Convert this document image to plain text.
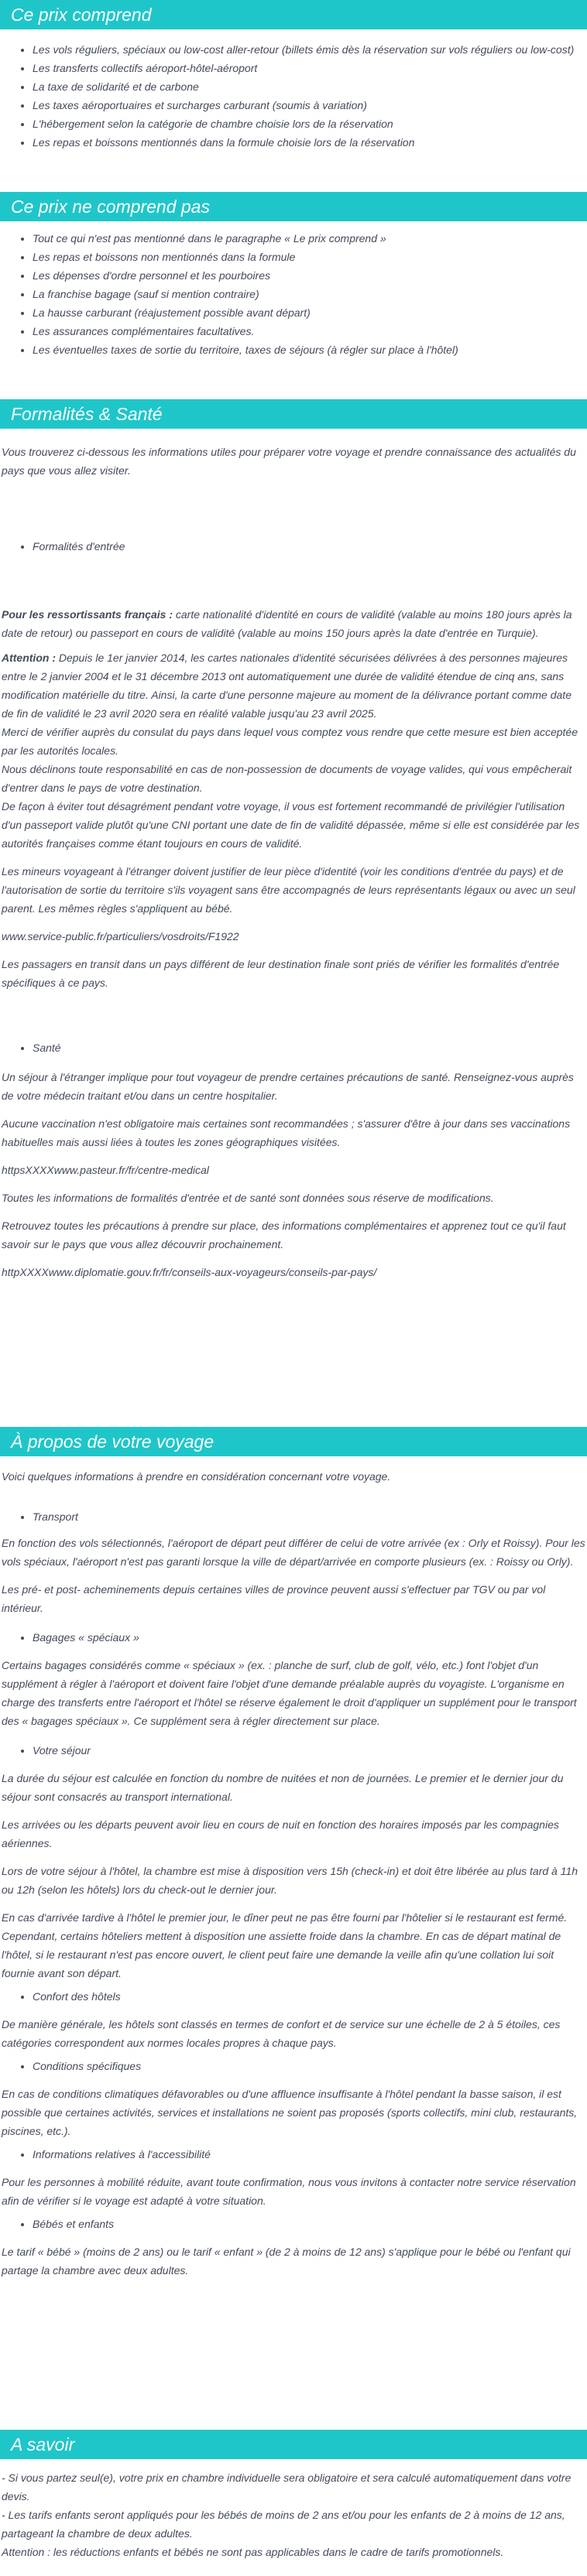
Ce prix comprend
• Les vols réguliers, spéciaux ou low-cost aller-retour (billets émis dès la réservation sur vols réguliers ou low-cost)
• Les transferts collectifs aéroport-hôtel-aéroport
• La taxe de solidarité et de carbone
• Les taxes aéroportuaires et surcharges carburant (soumis à variation)
• L'hébergement selon la catégorie de chambre choisie lors de la réservation
• Les repas et boissons mentionnés dans la formule choisie lors de la réservation
Ce prix ne comprend pas
• Tout ce qui n'est pas mentionné dans le paragraphe « Le prix comprend »
• Les repas et boissons non mentionnés dans la formule
• Les dépenses d'ordre personnel et les pourboires
• La franchise bagage (sauf si mention contraire)
• La hausse carburant (réajustement possible avant départ)
• Les assurances complémentaires facultatives.
• Les éventuelles taxes de sortie du territoire, taxes de séjours (à régler sur place à l'hôtel)
Formalités & Santé

Vous trouverez ci-dessous les informations utiles pour préparer votre voyage et prendre connaissance des actualités du pays que vous allez visiter.

• Formalités d'entrée

Pour les ressortissants français : carte nationalité d'identité en cours de validité (valable au moins 180 jours après la date de retour) ou passeport en cours de validité (valable au moins 150 jours après la date d'entrée en Turquie).

Attention : Depuis le 1er janvier 2014, les cartes nationales d'identité sécurisées délivrées à des personnes majeures entre le 2 janvier 2004 et le 31 décembre 2013 ont automatiquement une durée de validité étendue de cinq ans, sans modification matérielle du titre. Ainsi, la carte d'une personne majeure au moment de la délivrance portant comme date de fin de validité le 23 avril 2020 sera en réalité valable jusqu'au 23 avril 2025.

Merci de vérifier auprès du consulat du pays dans lequel vous comptez vous rendre que cette mesure est bien acceptée par les autorités locales.

Nous déclinons toute responsabilité en cas de non-possession de documents de voyage valides, qui vous empêcherait d'entrer dans le pays de votre destination.

De façon à éviter tout désagrément pendant votre voyage, il vous est fortement recommandé de privilégier l'utilisation d'un passeport valide plutôt qu'une CNI portant une date de fin de validité dépassée, même si elle est considérée par les autorités françaises comme étant toujours en cours de validité.

Les mineurs voyageant à l'étranger doivent justifier de leur pièce d'identité (voir les conditions d'entrée du pays) et de l'autorisation de sortie du territoire s'ils voyagent sans être accompagnés de leurs représentants légaux ou avec un seul parent. Les mêmes règles s'appliquent au bébé.

www.service-public.fr/particuliers/vosdroits/F1922

Les passagers en transit dans un pays différent de leur destination finale sont priés de vérifier les formalités d'entrée spécifiques à ce pays.

• Santé

Un séjour à l'étranger implique pour tout voyageur de prendre certaines précautions de santé. Renseignez-vous auprès de votre médecin traitant et/ou dans un centre hospitalier.

Aucune vaccination n'est obligatoire mais certaines sont recommandées ; s'assurer d'être à jour dans ses vaccinations habituelles mais aussi liées à toutes les zones géographiques visitées.

httpsXXXXwww.pasteur.fr/fr/centre-medical

Toutes les informations de formalités d'entrée et de santé sont données sous réserve de modifications.

Retrouvez toutes les précautions à prendre sur place, des informations complémentaires et apprenez tout ce qu'il faut savoir sur le pays que vous allez découvrir prochainement.

httpXXXXwww.diplomatie.gouv.fr/fr/conseils-aux-voyageurs/conseils-par-pays/

À propos de votre voyage

Voici quelques informations à prendre en considération concernant votre voyage.

• Transport

En fonction des vols sélectionnés, l'aéroport de départ peut différer de celui de votre arrivée (ex : Orly et Roissy). Pour les vols spéciaux, l'aéroport n'est pas garanti lorsque la ville de départ/arrivée en comporte plusieurs (ex. : Roissy ou Orly).

Les pré- et post- acheminements depuis certaines villes de province peuvent aussi s'effectuer par TGV ou par vol intérieur.

• Bagages « spéciaux »

Certains bagages considérés comme « spéciaux » (ex. : planche de surf, club de golf, vélo, etc.) font l'objet d'un supplément à régler à l'aéroport et doivent faire l'objet d'une demande préalable auprès du voyagiste. L'organisme en charge des transferts entre l'aéroport et l'hôtel se réserve également le droit d'appliquer un supplément pour le transport des « bagages spéciaux ». Ce supplément sera à régler directement sur place.

• Votre séjour

La durée du séjour est calculée en fonction du nombre de nuitées et non de journées. Le premier et le dernier jour du séjour sont consacrés au transport international.

Les arrivées ou les départs peuvent avoir lieu en cours de nuit en fonction des horaires imposés par les compagnies aériennes.

Lors de votre séjour à l'hôtel, la chambre est mise à disposition vers 15h (check-in) et doit être libérée au plus tard à 11h ou 12h (selon les hôtels) lors du check-out le dernier jour.

En cas d'arrivée tardive à l'hôtel le premier jour, le dîner peut ne pas être fourni par l'hôtelier si le restaurant est fermé. Cependant, certains hôteliers mettent à disposition une assiette froide dans la chambre. En cas de départ matinal de l'hôtel, si le restaurant n'est pas encore ouvert, le client peut faire une demande la veille afin qu'une collation lui soit fournie avant son départ.

• Confort des hôtels

De manière générale, les hôtels sont classés en termes de confort et de service sur une échelle de 2 à 5 étoiles, ces catégories correspondent aux normes locales propres à chaque pays.

• Conditions spécifiques

En cas de conditions climatiques défavorables ou d'une affluence insuffisante à l'hôtel pendant la basse saison, il est possible que certaines activités, services et installations ne soient pas proposés (sports collectifs, mini club, restaurants, piscines, etc.).

• Informations relatives à l'accessibilité

Pour les personnes à mobilité réduite, avant toute confirmation, nous vous invitons à contacter notre service réservation afin de vérifier si le voyage est adapté à votre situation.

• Bébés et enfants

Le tarif « bébé » (moins de 2 ans) ou le tarif « enfant » (de 2 à moins de 12 ans) s'applique pour le bébé ou l'enfant qui partage la chambre avec deux adultes.

A savoir

- Si vous partez seul(e), votre prix en chambre individuelle sera obligatoire et sera calculé automatiquement dans votre devis.

- Les tarifs enfants seront appliqués pour les bébés de moins de 2 ans et/ou pour les enfants de 2 à moins de 12 ans, partageant la chambre de deux adultes.

Attention : les réductions enfants et bébés ne sont pas applicables dans le cadre de tarifs promotionnels.
